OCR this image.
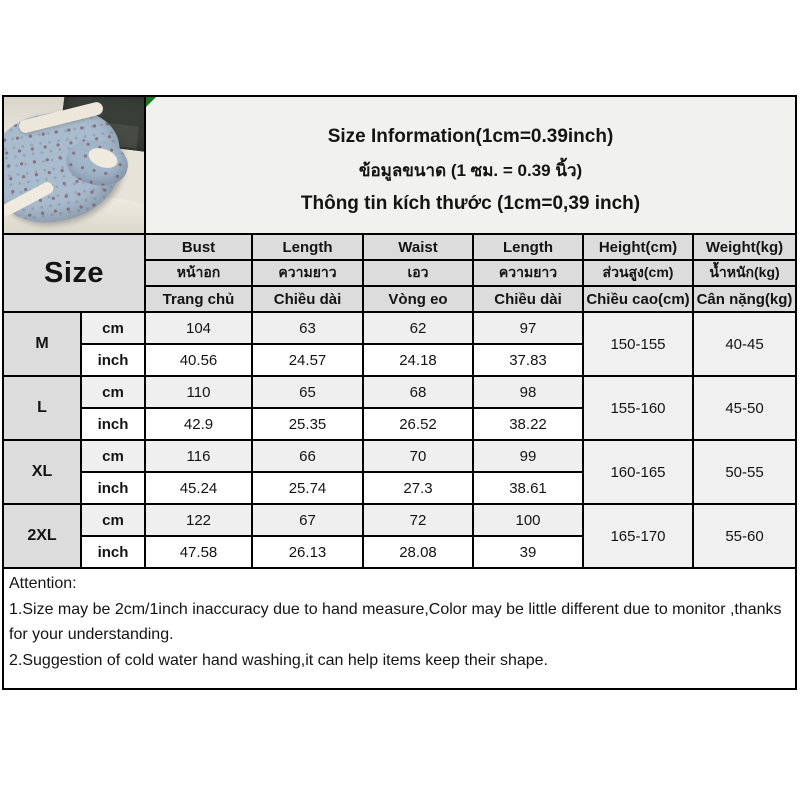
		Size Information(1cm=0.39inch)
ข้อมูลขนาด (1 ซม. = 0.39 นิ้ว)
Thông tin kích thước (1cm=0,39 inch)					

Size		Bust	Length	Waist	Length	Height(cm)	Weight(kg)
		หน้าอก	ความยาว	เอว	ความยาว	ส่วนสูง(cm)	น้ำหนัก(kg)
		Trang chủ	Chiều dài	Vòng eo	Chiều dài	Chiều cao(cm)	Cân nặng(kg)
M	cm	104	63	62	97	150-155	40-45
	inch	40.56	24.57	24.18	37.83		
L	cm	110	65	68	98	155-160	45-50
	inch	42.9	25.35	26.52	38.22		
XL	cm	116	66	70	99	160-165	50-55
	inch	45.24	25.74	27.3	38.61		
2XL	cm	122	67	72	100	165-170	55-60
	inch	47.58	26.13	28.08	39		

Attention:
1.Size may be 2cm/1inch inaccuracy due to hand measure,Color may be little different due to monitor ,thanks for your understanding.
2.Suggestion of cold water hand washing,it can help items keep their shape.							
